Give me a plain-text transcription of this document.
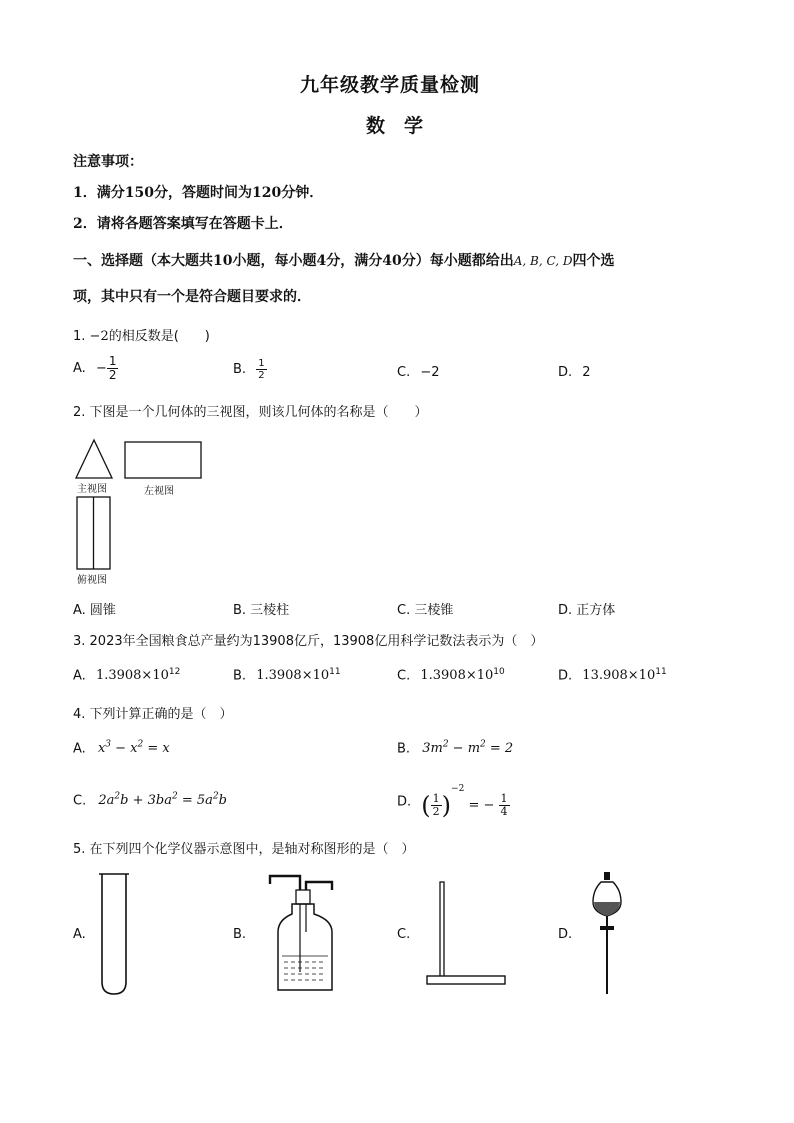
九年级教学质量检测
数　学
注意事项：
1．满分150分，答题时间为120分钟．
2．请将各题答案填写在答题卡上．
一、选择题（本大题共10小题，每小题4分，满分40分）每小题都给出A, B, C, D四个选
项，其中只有一个是符合题目要求的．
1. −2的相反数是(　　)
A. − $\frac{1}{2}$	B. $\frac{1}{2}$	C. −2	D. 2
2. 下图是一个几何体的三视图，则该几何体的名称是（　　）
主视图	左视图
俯视图
A. 圆锥	B. 三棱柱	C. 三棱锥	D. 正方体
3. 2023年全国粮食总产量约为13908亿斤，13908亿用科学记数法表示为（　）
A. $1.3908\times 10^{12}$	B. $1.3908\times 10^{11}$	C. $1.3908\times 10^{10}$	D. $13.908\times 10^{11}$
4. 下列计算正确的是（　）
A. $x^3 - x^2 = x$	B. $3m^2 - m^2 = 2$
C. $2a^2b + 3ba^2 = 5a^2b$	D. ( $\frac{1}{2} )^{-2}$ = − $\frac{1}{4}$
5. 在下列四个化学仪器示意图中，是轴对称图形的是（　）
A.	B.	C.	D.
